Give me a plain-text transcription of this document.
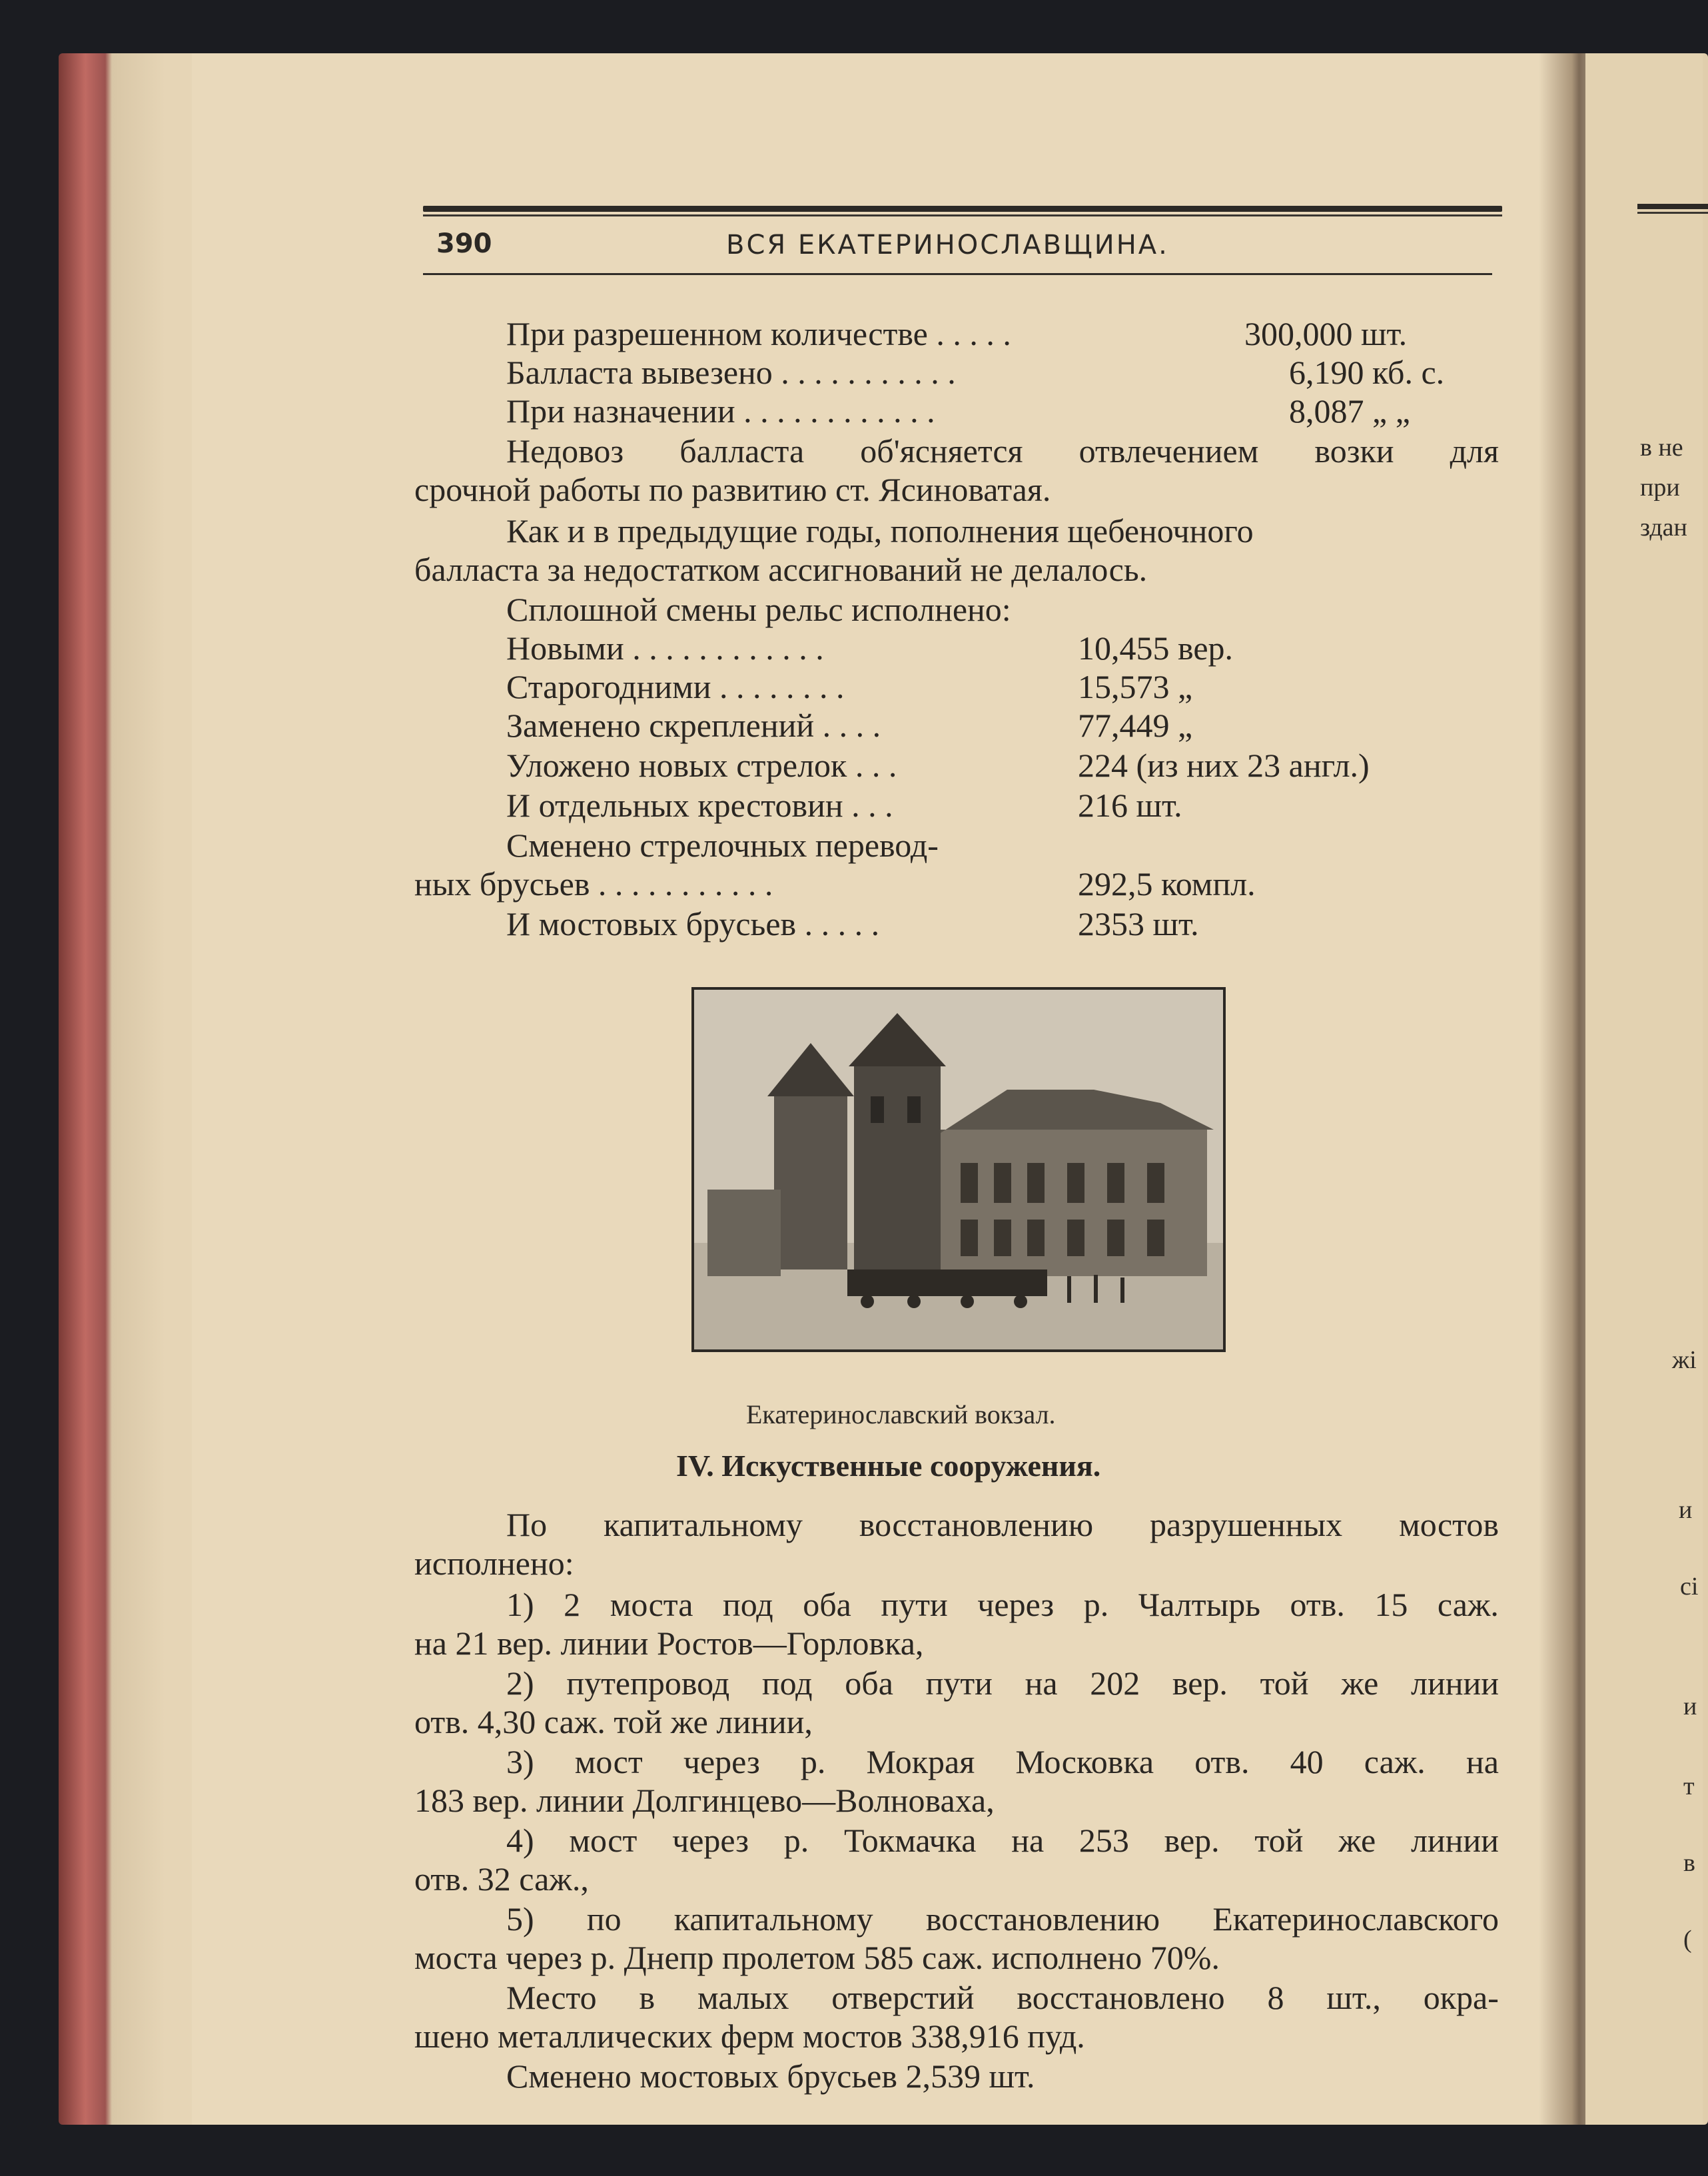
390	ВСЯ ЕКАТЕРИНОСЛАВЩИНА.
в не
при
здан
жі
и
сі
и
т
в
(
При разрешенном количестве . . . . .	300,000 шт.
Балласта вывезено . . . . . . . . . . .	6,190 кб. с.
При назначении . . . . . . . . . . . .	8,087 „ „
Недовоз балласта об'ясняется отвлечением возки для
срочной работы по развитию ст. Ясиноватая.
Как и в предыдущие годы, пополнения щебеночного
балласта за недостатком ассигнований не делалось.
Сплошной смены рельс исполнено:
Новыми . . . . . . . . . . . .	10,455 вер.
Старогодними . . . . . . . .	15,573 „
Заменено скреплений . . . .	77,449 „
Уложено новых стрелок . . .	224 (из них 23 англ.)
И отдельных крестовин . . .	216 шт.
Сменено стрелочных перевод-
ных брусьев . . . . . . . . . . .	292,5 компл.
И мостовых брусьев . . . . .	2353 шт.
Екатеринославский вокзал.
IV. Искуственные сооружения.
По капитальному восстановлению разрушенных мостов
исполнено:
1) 2 моста под оба пути через р. Чалтырь отв. 15 саж.
на 21 вер. линии Ростов—Горловка,
2) путепровод под оба пути на 202 вер. той же линии
отв. 4,30 саж. той же линии,
3) мост через р. Мокрая Московка отв. 40 саж. на
183 вер. линии Долгинцево—Волноваха,
4) мост через р. Токмачка на 253 вер. той же линии
отв. 32 саж.,
5) по капитальному восстановлению Екатеринославского
моста через р. Днепр пролетом 585 саж. исполнено 70%.
Место в малых отверстий восстановлено 8 шт., окра-
шено металлических ферм мостов 338,916 пуд.
Сменено мостовых брусьев 2,539 шт.
